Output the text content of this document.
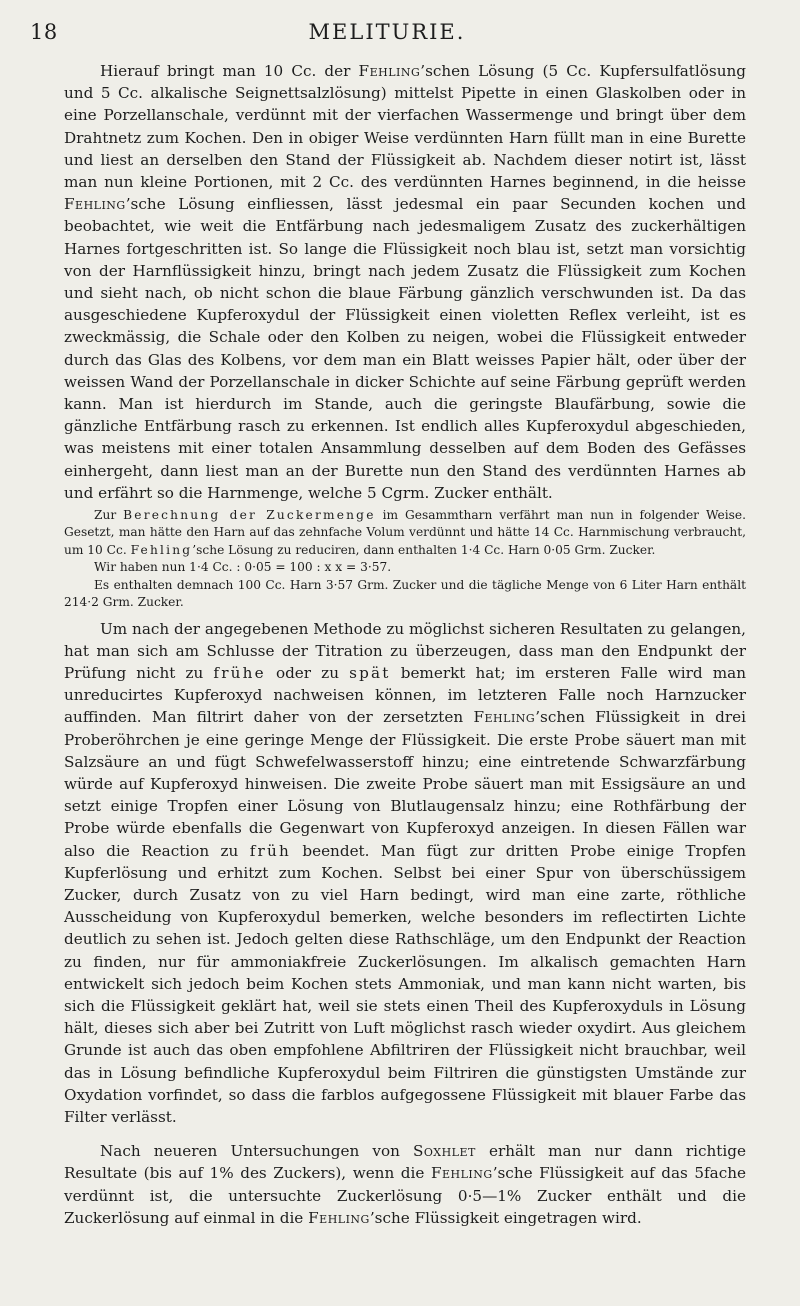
18	MELITURIE.

Hierauf bringt man 10 Cc. der Fehling’schen Lösung (5 Cc. Kupfersulfatlösung und 5 Cc. alkalische Seignettsalzlösung) mittelst Pipette in einen Glaskolben oder in eine Porzellanschale, verdünnt mit der vierfachen Wassermenge und bringt über dem Drahtnetz zum Kochen. Den in obiger Weise verdünnten Harn füllt man in eine Burette und liest an derselben den Stand der Flüssigkeit ab. Nachdem dieser notirt ist, lässt man nun kleine Portionen, mit 2 Cc. des verdünnten Harnes beginnend, in die heisse Fehling’sche Lösung einfliessen, lässt jedesmal ein paar Secunden kochen und beobachtet, wie weit die Entfärbung nach jedesmaligem Zusatz des zuckerhältigen Harnes fortgeschritten ist. So lange die Flüssigkeit noch blau ist, setzt man vorsichtig von der Harnflüssigkeit hinzu, bringt nach jedem Zusatz die Flüssigkeit zum Kochen und sieht nach, ob nicht schon die blaue Färbung gänzlich verschwunden ist. Da das ausgeschiedene Kupferoxydul der Flüssigkeit einen violetten Reflex verleiht, ist es zweckmässig, die Schale oder den Kolben zu neigen, wobei die Flüssigkeit entweder durch das Glas des Kolbens, vor dem man ein Blatt weisses Papier hält, oder über der weissen Wand der Porzellanschale in dicker Schichte auf seine Färbung geprüft werden kann. Man ist hierdurch im Stande, auch die geringste Blaufärbung, sowie die gänzliche Entfärbung rasch zu erkennen. Ist endlich alles Kupferoxydul abgeschieden, was meistens mit einer totalen Ansammlung desselben auf dem Boden des Gefässes einhergeht, dann liest man an der Burette nun den Stand des verdünnten Harnes ab und erfährt so die Harnmenge, welche 5 Cgrm. Zucker enthält.

Zur Berechnung der Zuckermenge im Gesammtharn verfährt man nun in folgender Weise. Gesetzt, man hätte den Harn auf das zehnfache Volum verdünnt und hätte 14 Cc. Harnmischung verbraucht, um 10 Cc. Fehling’sche Lösung zu reduciren, dann enthalten 1·4 Cc. Harn 0·05 Grm. Zucker.

Wir haben nun 1·4 Cc. : 0·05 = 100 : x x = 3·57.

Es enthalten demnach 100 Cc. Harn 3·57 Grm. Zucker und die tägliche Menge von 6 Liter Harn enthält 214·2 Grm. Zucker.

Um nach der angegebenen Methode zu möglichst sicheren Resultaten zu gelangen, hat man sich am Schlusse der Titration zu überzeugen, dass man den Endpunkt der Prüfung nicht zu frühe oder zu spät bemerkt hat; im ersteren Falle wird man unreducirtes Kupferoxyd nachweisen können, im letzteren Falle noch Harnzucker auffinden. Man filtrirt daher von der zersetzten Fehling’schen Flüssigkeit in drei Proberöhrchen je eine geringe Menge der Flüssigkeit. Die erste Probe säuert man mit Salzsäure an und fügt Schwefelwasserstoff hinzu; eine eintretende Schwarzfärbung würde auf Kupferoxyd hinweisen. Die zweite Probe säuert man mit Essigsäure an und setzt einige Tropfen einer Lösung von Blutlaugensalz hinzu; eine Rothfärbung der Probe würde ebenfalls die Gegenwart von Kupferoxyd anzeigen. In diesen Fällen war also die Reaction zu früh beendet. Man fügt zur dritten Probe einige Tropfen Kupferlösung und erhitzt zum Kochen. Selbst bei einer Spur von überschüssigem Zucker, durch Zusatz von zu viel Harn bedingt, wird man eine zarte, röthliche Ausscheidung von Kupferoxydul bemerken, welche besonders im reflectirten Lichte deutlich zu sehen ist. Jedoch gelten diese Rathschläge, um den Endpunkt der Reaction zu finden, nur für ammoniakfreie Zuckerlösungen. Im alkalisch gemachten Harn entwickelt sich jedoch beim Kochen stets Ammoniak, und man kann nicht warten, bis sich die Flüssigkeit geklärt hat, weil sie stets einen Theil des Kupferoxyduls in Lösung hält, dieses sich aber bei Zutritt von Luft möglichst rasch wieder oxydirt. Aus gleichem Grunde ist auch das oben empfohlene Abfiltriren der Flüssigkeit nicht brauchbar, weil das in Lösung befindliche Kupferoxydul beim Filtriren die günstigsten Umstände zur Oxydation vorfindet, so dass die farblos aufgegossene Flüssigkeit mit blauer Farbe das Filter verlässt.

Nach neueren Untersuchungen von Soxhlet erhält man nur dann richtige Resultate (bis auf 1% des Zuckers), wenn die Fehling’sche Flüssigkeit auf das 5fache verdünnt ist, die untersuchte Zuckerlösung 0·5—1% Zucker enthält und die Zuckerlösung auf einmal in die Fehling’sche Flüssigkeit eingetragen wird.
